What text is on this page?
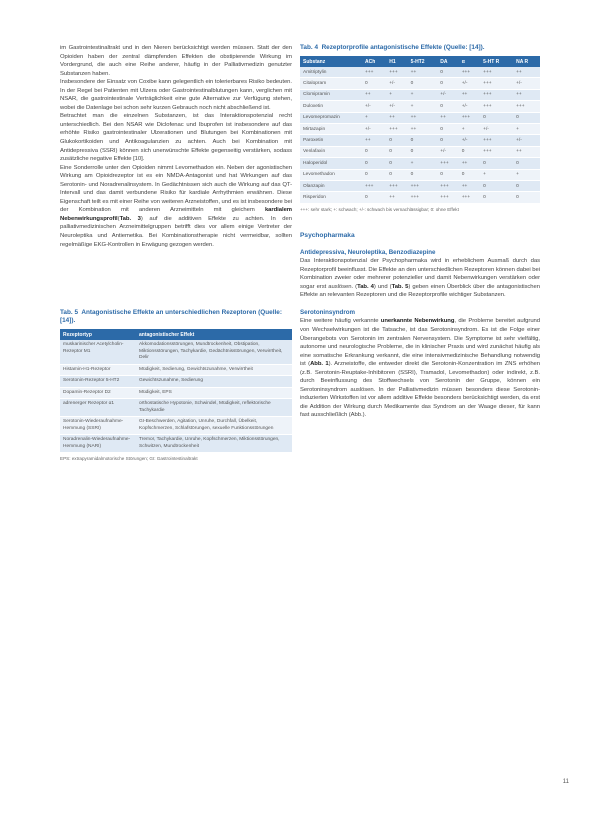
im Gastrointestinaltrakt und in den Nieren berücksichtigt werden müssen. Statt der den Opioiden haben der zentral dämpfenden Effekten die obstipierende Wirkung im Vordergrund, die auch eine Reihe anderer, häufig in der Palliativmedizin genutzter Substanzen haben.

Insbesondere der Einsatz von Coxibe kann gelegentlich ein tolerierbares Risiko bedeuten. In der Regel bei Patienten mit Ulzera oder Gastrointestinalblutungen kann, verglichen mit NSAR, die gastrointestinale Verträglichkeit eine gute Alternative zur Verfügung stehen, wobei die Datenlage bei schon sehr kurzen Gebrauch noch nicht abschließend ist.

Betrachtet man die einzelnen Substanzen, ist das Interaktionspotenzial recht unterschiedlich. Bei den NSAR wie Diclofenac und Ibuprofen ist insbesondere auf das erhöhte Risiko gastrointestinaler Ulzerationen und Blutungen bei Kombinationen mit Glukokortikoiden und Antikoagulanzien zu achten. Auch bei Kombination mit Antidepressiva (SSRI) können sich unerwünschte Effekte gegenseitig verstärken, sodass zusätzliche negative Effekte [10].

Eine Sonderrolle unter den Opioiden nimmt Levomethadon ein. Neben der agonistischen Wirkung am Opioidrezeptor ist es ein NMDA-Antagonist und hat Wirkungen auf das Serotonin- und Noradrenalinsystem. In Gedächtnissen sich auch die Wirkung auf das QT-Intervall und das damit verbundene Risiko für kardiale Arrhythmien erwähnen. Diese Eigenschaft teilt es mit einer Reihe von weiteren Arzneistoffen, und es ist insbesondere bei der Kombination mit anderen Arzneimitteln mit gleichem kardialem Nebenwirkungsprofil(Tab. 3) auf die additiven Effekte zu achten. In den palliativmedizinischen Arzneimittelgruppen betrifft dies vor allem einige Vertreter der Neuroleptika und Antiemetika. Bei Kombinationstherapie nicht vermeidbar, sollten regelmäßige EKG-Kontrollen in Erwägung gezogen werden.

Tab. 5 Antagonistische Effekte an unterschiedlichen Rezeptoren (Quelle: [14]).

Rezeptortyp	antagonistischer Effekt
muskarinischer Acetylcholin-Rezeptor M1	Akkomodationsstörungen, Mundtrockenheit, Obstipation, Miktionsstörungen, Tachykardie, Gedächtnisstörungen, Verwirrtheit, Delir
Histamin-H1-Rezeptor	Müdigkeit, Sedierung, Gewichtszunahme, Verwirrtheit
Serotonin-Rezeptor 5-HT2	Gewichtszunahme, Sedierung
Dopamin-Rezeptor D2	Müdigkeit, EPS
adrenerger Rezeptor α1	orthostatische Hypotonie, Schwindel, Müdigkeit, reflektorische Tachykardie
Serotonin-Wiederaufnahme-Hemmung (SSRI)	GI-Beschwerden, Agitation, Unruhe, Durchfall, Übelkeit, Kopfschmerzen, Schlafstörungen, sexuelle Funktionsstörungen
Noradrenalin-Wiederaufnahme-Hemmung (NARI)	Tremor, Tachykardie, Unruhe, Kopfschmerzen, Miktionsstörungen, Schwitzen, Mundtrockenheit
EPS: extrapyramidalmotorische Störungen; GI: Gastrointestinaltrakt

Tab. 4 Rezeptorprofile antagonistische Effekte (Quelle: [14]).

Substanz	ACh	H1	5-HT2	DA	α	5-HT R	NA R
Amitriptylin	+++	+++	++	0	+++	+++	++
Citalopram	0	+/-	0	0	+/-	+++	+/-
Clomipramin	++	+	+	+/-	++	+++	++
Duloxetin	+/-	+/-	+	0	+/-	+++	+++
Levomepromazin	+	++	++	++	+++	0	0
Mirtazapin	+/-	+++	++	0	+	+/-	+
Paroxetin	++	0	0	0	+/-	+++	+/-
Venlafaxin	0	0	0	+/-	0	+++	++
Haloperidol	0	0	+	+++	++	0	0
Levomethadon	0	0	0	0	0	+	+
Olanzapin	+++	+++	+++	+++	++	0	0
Risperidon	0	++	+++	+++	+++	0	0
+++: sehr stark; +: schwach; +/-: schwach bis vernachlässigbar; 0: ohne Effekt
Psychopharmaka
Antidepressiva, Neuroleptika, Benzodiazepine

Das Interaktionspotenzial der Psychopharmaka wird in erheblichem Ausmaß durch das Rezeptorprofil beeinflusst. Die Effekte an den unterschiedlichen Rezeptoren können dabei bei Kombination zweier oder mehrerer potenzieller und damit Nebenwirkungen verstärken oder sogar erst auslösen. (Tab. 4) und (Tab. 5) geben einen Überblick über die antagonistischen Effekte an relevanten Rezeptoren und die Rezeptorprofile wichtiger Substanzen.

Serotoninsyndrom

Eine weitere häufig verkannte unerkannte Nebenwirkung, die Probleme bereitet aufgrund von Wechselwirkungen ist die Tatsache, ist das Serotoninsyndrom. Es ist die Folge einer Überangebots von Serotonin im zentralen Nervensystem. Die Symptome ist sehr vielfältig, autonome und neurologische Probleme, die in klinischer Praxis und wird zunächst häufig als eine somatische Erkrankung verkannt, die eine intensivmedizinische Behandlung notwendig ist (Abb. 1). Arzneistoffe, die entweder direkt die Serotonin-Konzentration im ZNS erhöhen (z.B. Serotonin-Reuptake-Inhibitoren (SSRI), Tramadol, Levomethadon) oder indirekt, z.B. durch Beeinflussung des Stoffwechsels von Serotonin der Gruppe, können ein Serotoninsyndrom auslösen. In der Palliativmedizin müssen besonders diese Serotonin-induzierten Wirkstoffen ist vor allem additive Effekte besonders berücksichtigt werden, da erst die Addition der Wirkung durch Medikamente das Syndrom an der Waage dieser, für kann fast ausschließlich (Abb.).

11
